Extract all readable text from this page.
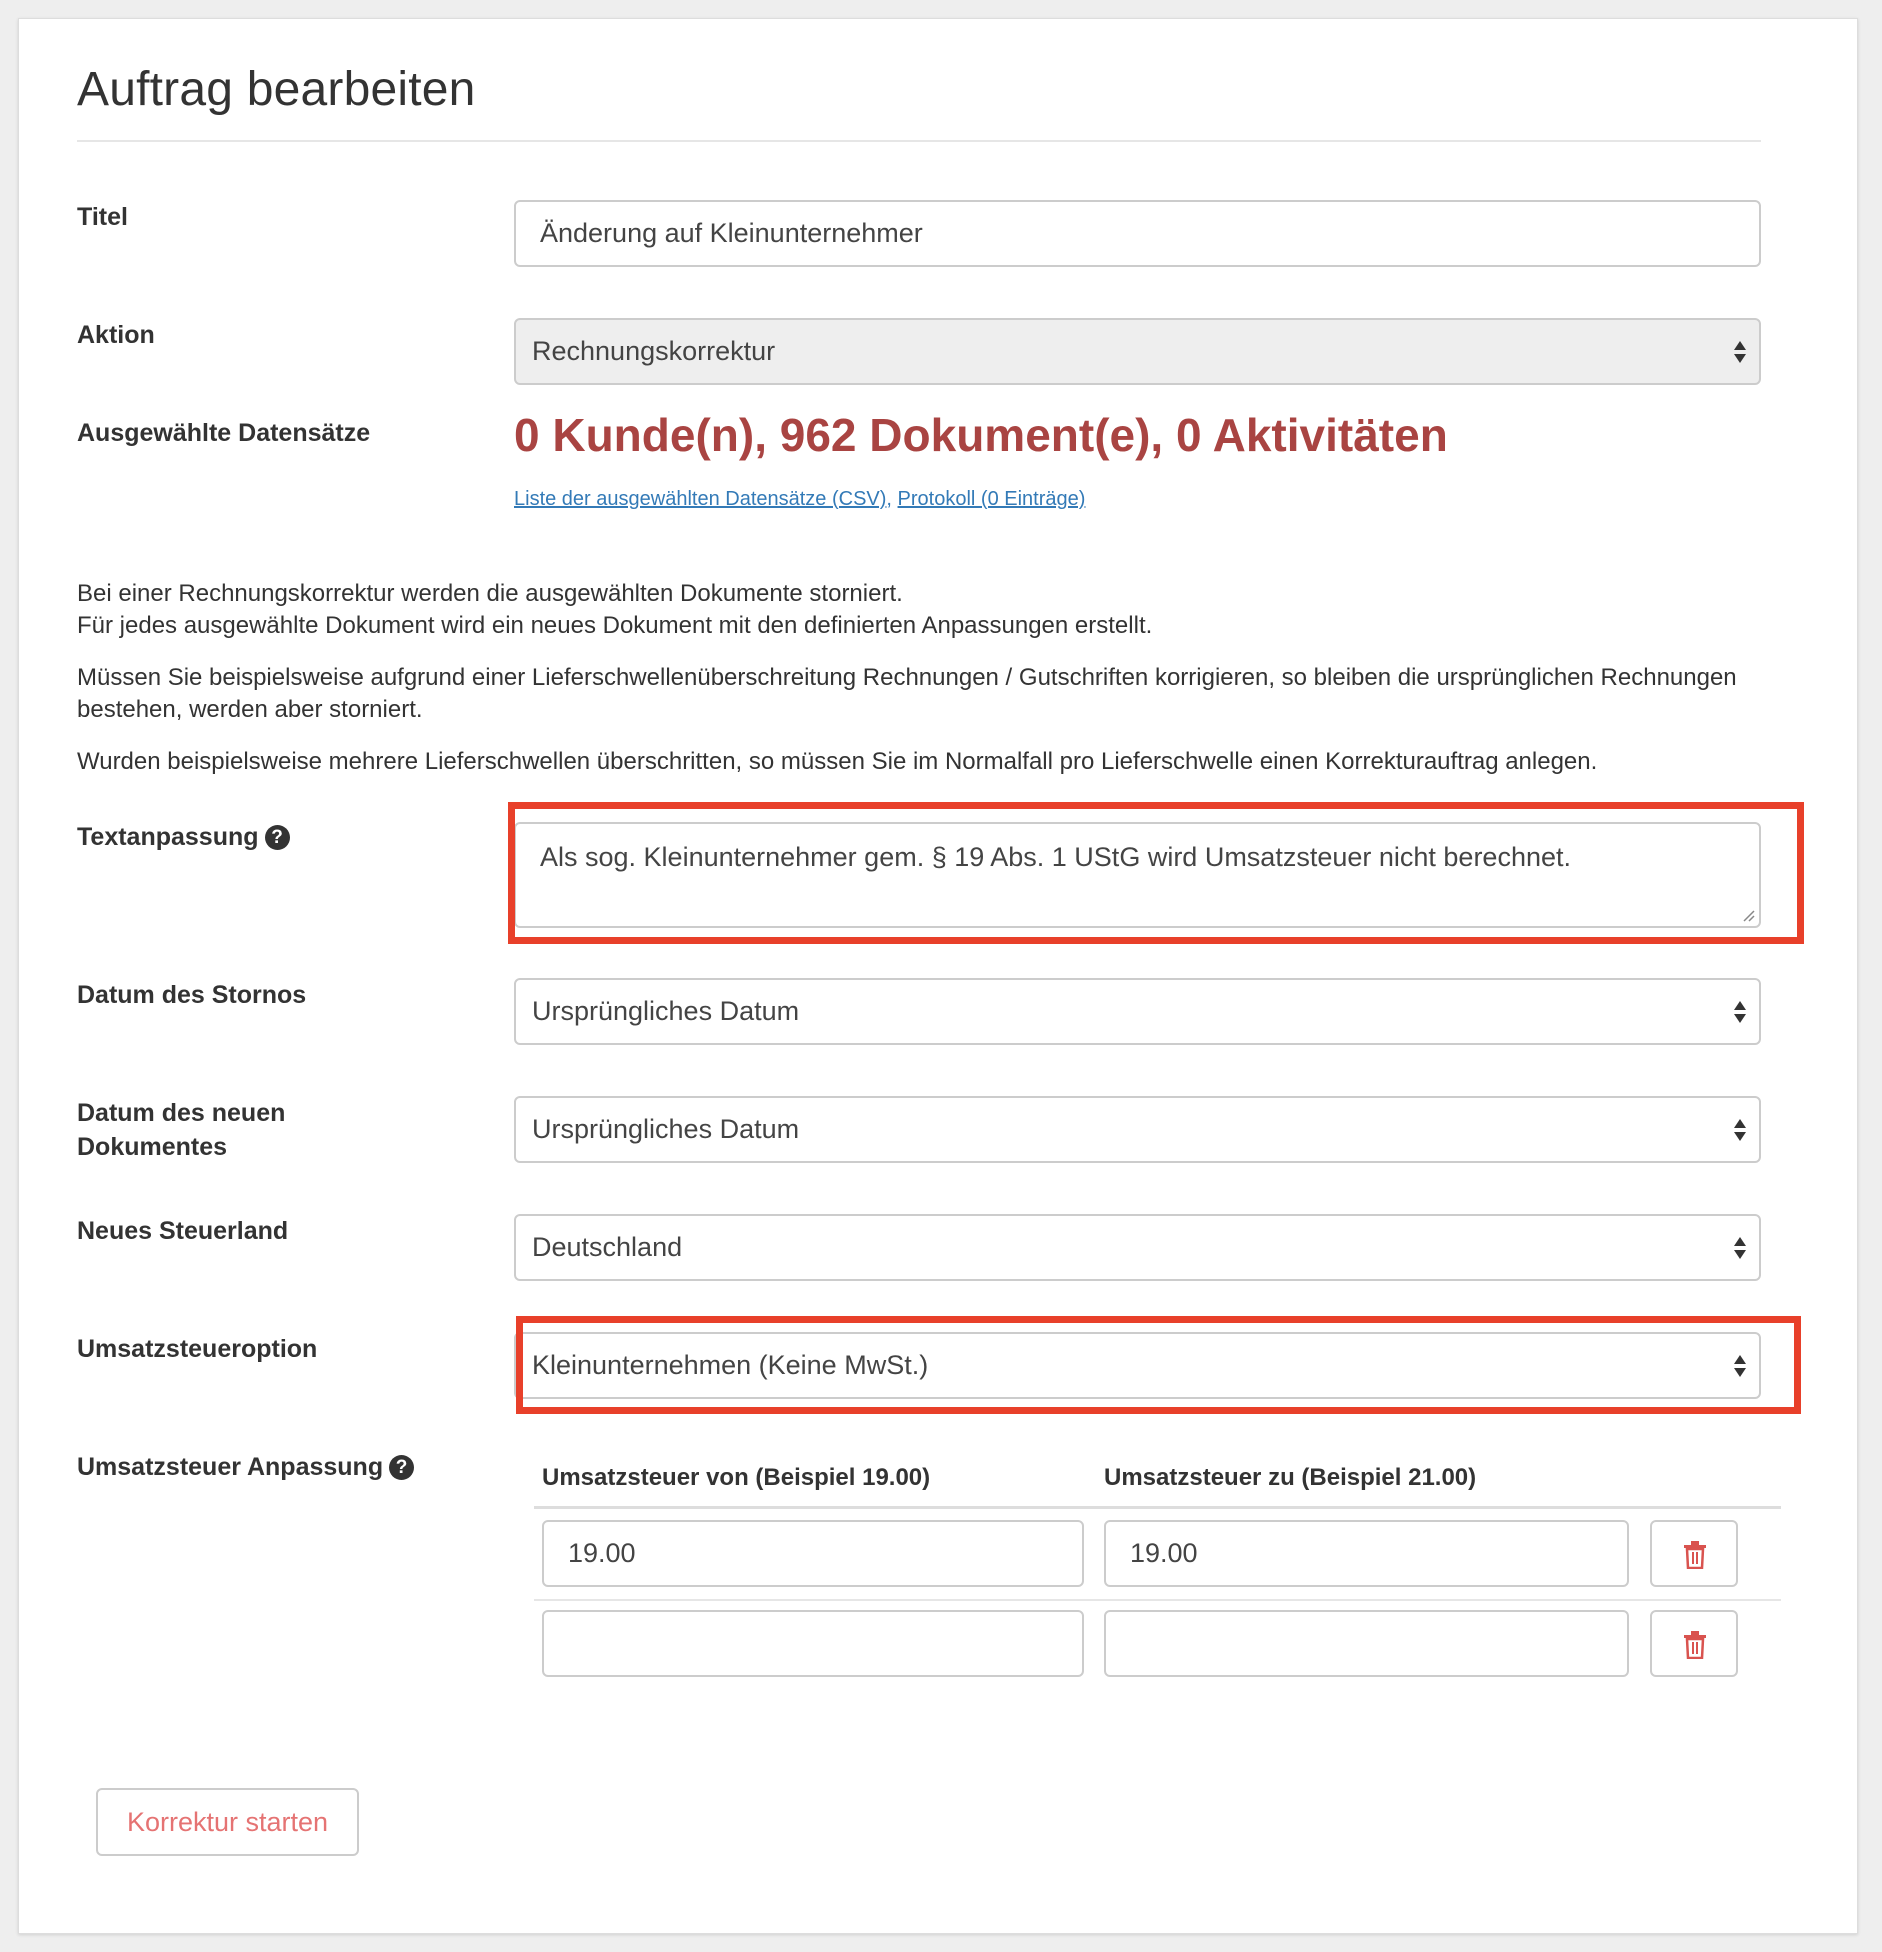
Auftrag bearbeiten
Titel
Änderung auf Kleinunternehmer
Aktion
Rechnungskorrektur
Ausgewählte Datensätze	0 Kunde(n), 962 Dokument(e), 0 Aktivitäten
Liste der ausgewählten Datensätze (CSV), Protokoll (0 Einträge)
Bei einer Rechnungskorrektur werden die ausgewählten Dokumente storniert.
Für jedes ausgewählte Dokument wird ein neues Dokument mit den definierten Anpassungen erstellt.
Müssen Sie beispielsweise aufgrund einer Lieferschwellenüberschreitung Rechnungen / Gutschriften korrigieren, so bleiben die ursprünglichen Rechnungen bestehen, werden aber storniert.
Wurden beispielsweise mehrere Lieferschwellen überschritten, so müssen Sie im Normalfall pro Lieferschwelle einen Korrekturauftrag anlegen.
Textanpassung ?
Als sog. Kleinunternehmer gem. § 19 Abs. 1 UStG wird Umsatzsteuer nicht berechnet.
Datum des Stornos
Ursprüngliches Datum
Datum des neuen Dokumentes
Ursprüngliches Datum
Neues Steuerland
Deutschland
Umsatzsteueroption
Kleinunternehmen (Keine MwSt.)
Umsatzsteuer Anpassung ?	Umsatzsteuer von (Beispiel 19.00)	Umsatzsteuer zu (Beispiel 21.00)
19.00	19.00
Korrektur starten
